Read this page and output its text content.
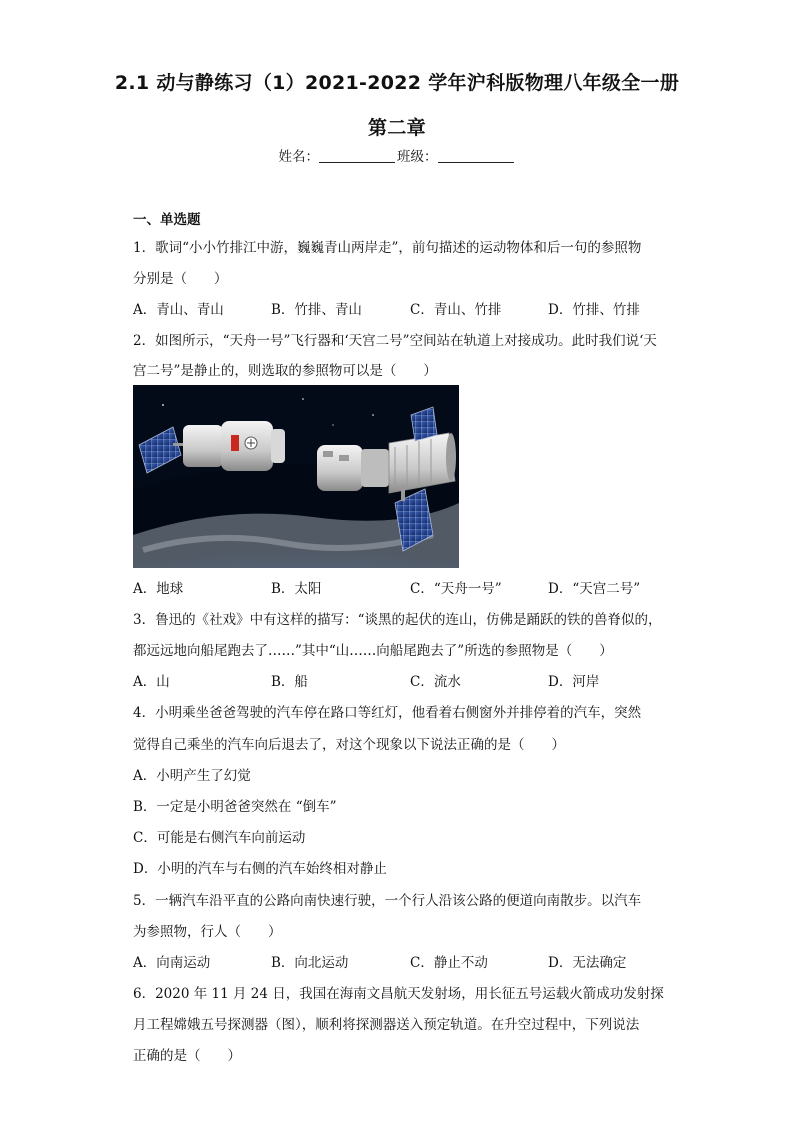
2.1 动与静练习（1）2021-2022 学年沪科版物理八年级全一册
第二章
姓名：	班级：
一、单选题
1．歌词“小小竹排江中游，巍巍青山两岸走”，前句描述的运动物体和后一句的参照物
分别是（　　）
A．青山、青山	B．竹排、青山	C．青山、竹排	D．竹排、竹排
2．如图所示，“天舟一号”飞行器和‘天宫二号”空间站在轨道上对接成功。此时我们说‘天
宫二号”是静止的，则选取的参照物可以是（　　）
A．地球	B．太阳	C．“天舟一号”	D．“天宫二号”
3．鲁迅的《社戏》中有这样的描写：“谈黑的起伏的连山，仿佛是踊跃的铁的兽脊似的，
都远远地向船尾跑去了……”其中“山……向船尾跑去了”所选的参照物是（　　）
A．山	B．船	C．流水	D．河岸
4．小明乘坐爸爸驾驶的汽车停在路口等红灯，他看着右侧窗外并排停着的汽车，突然
觉得自己乘坐的汽车向后退去了，对这个现象以下说法正确的是（　　）
A．小明产生了幻觉
B．一定是小明爸爸突然在 “倒车”
C．可能是右侧汽车向前运动
D．小明的汽车与右侧的汽车始终相对静止
5．一辆汽车沿平直的公路向南快速行驶，一个行人沿该公路的便道向南散步。以汽车
为参照物，行人（　　）
A．向南运动	B．向北运动	C．静止不动	D．无法确定
6．2020 年 11 月 24 日，我国在海南文昌航天发射场，用长征五号运载火箭成功发射探
月工程嫦娥五号探测器（图），顺利将探测器送入预定轨道。在升空过程中，下列说法
正确的是（　　）
